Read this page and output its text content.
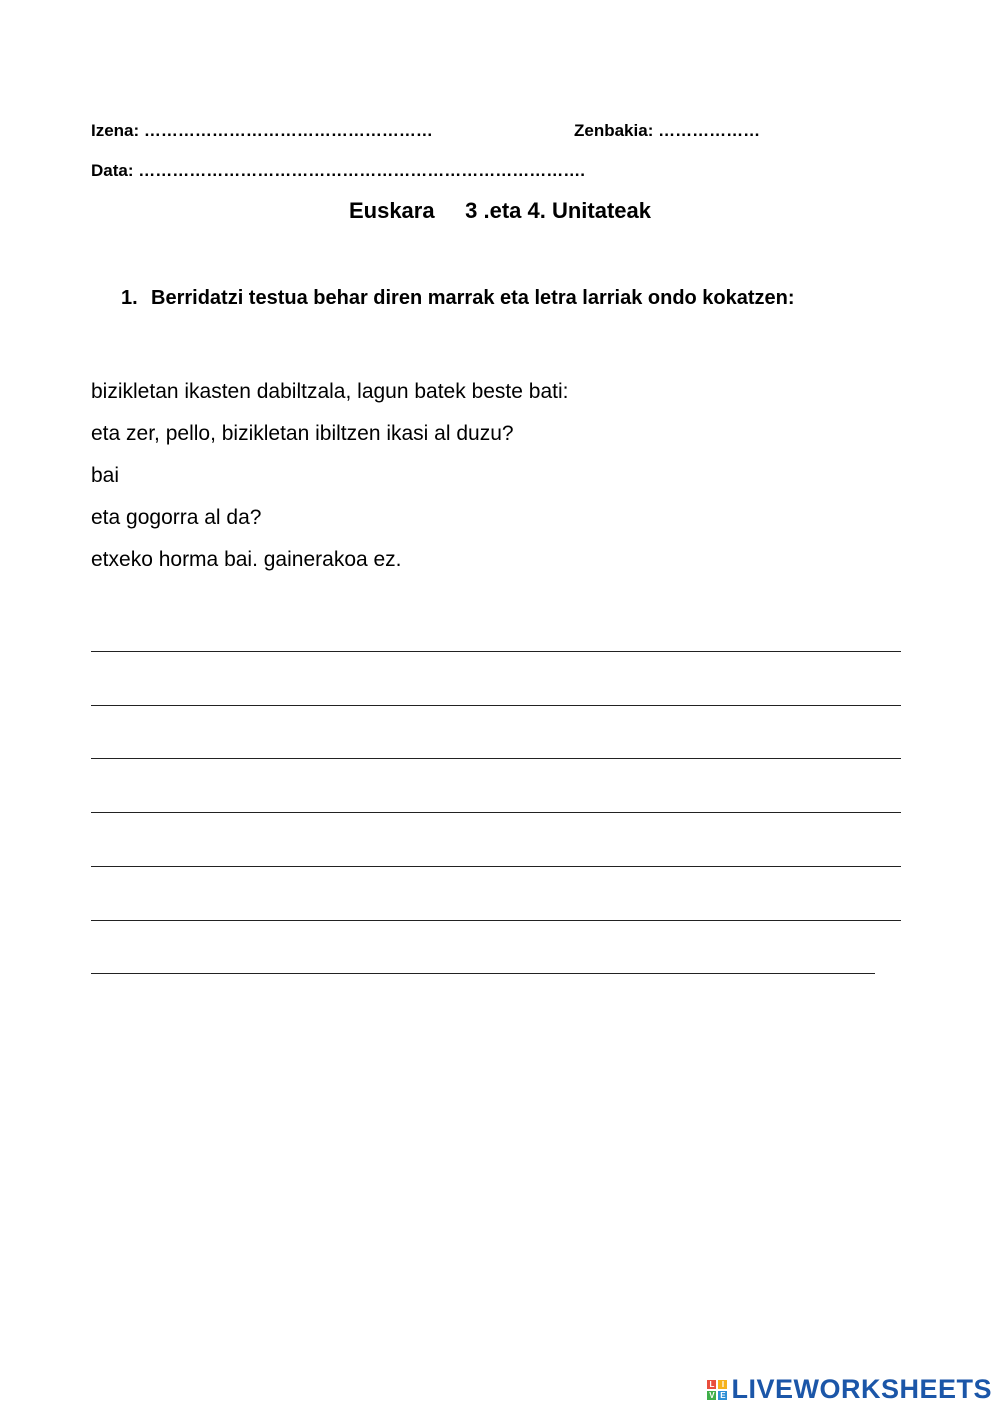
Izena: ……………………………………………	Zenbakia: ………………
Data: …………………………………………………………………….
Euskara     3 .eta 4. Unitateak
1. Berridatzi testua behar diren marrak eta letra larriak ondo kokatzen:
bizikletan ikasten dabiltzala, lagun batek beste bati:
eta zer, pello, bizikletan ibiltzen ikasi al duzu?
bai
eta gogorra al da?
etxeko horma bai. gainerakoa ez.
L I
V E LIVEWORKSHEETS
